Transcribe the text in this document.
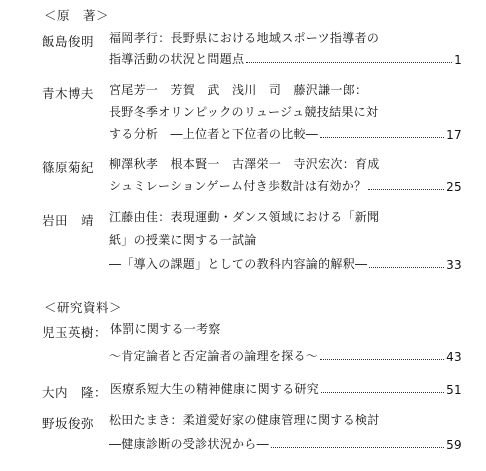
＜原　著＞
飯島俊明 福岡孝行：長野県における地域スポーツ指導者の
指導活動の状況と問題点	1
青木博夫 宮尾芳一　芳賀　武　浅川　司　藤沢謙一郎：
長野冬季オリンピックのリュージュ競技結果に対
する分析　―上位者と下位者の比較―	17
篠原菊紀 柳澤秋孝　根本賢一　古澤栄一　寺沢宏次：育成
シュミレーションゲーム付き歩数計は有効か？	25
岩田　靖 江藤由佳：表現運動・ダンス領域における「新聞
紙」の授業に関する一試論
―「導入の課題」としての教科内容論的解釈―	33
＜研究資料＞
児玉英樹： 体罰に関する一考察
～肯定論者と否定論者の論理を探る～	43
大内　隆： 医療系短大生の精神健康に関する研究	51
野坂俊弥 松田たまき：柔道愛好家の健康管理に関する検討
―健康診断の受診状況から―	59
